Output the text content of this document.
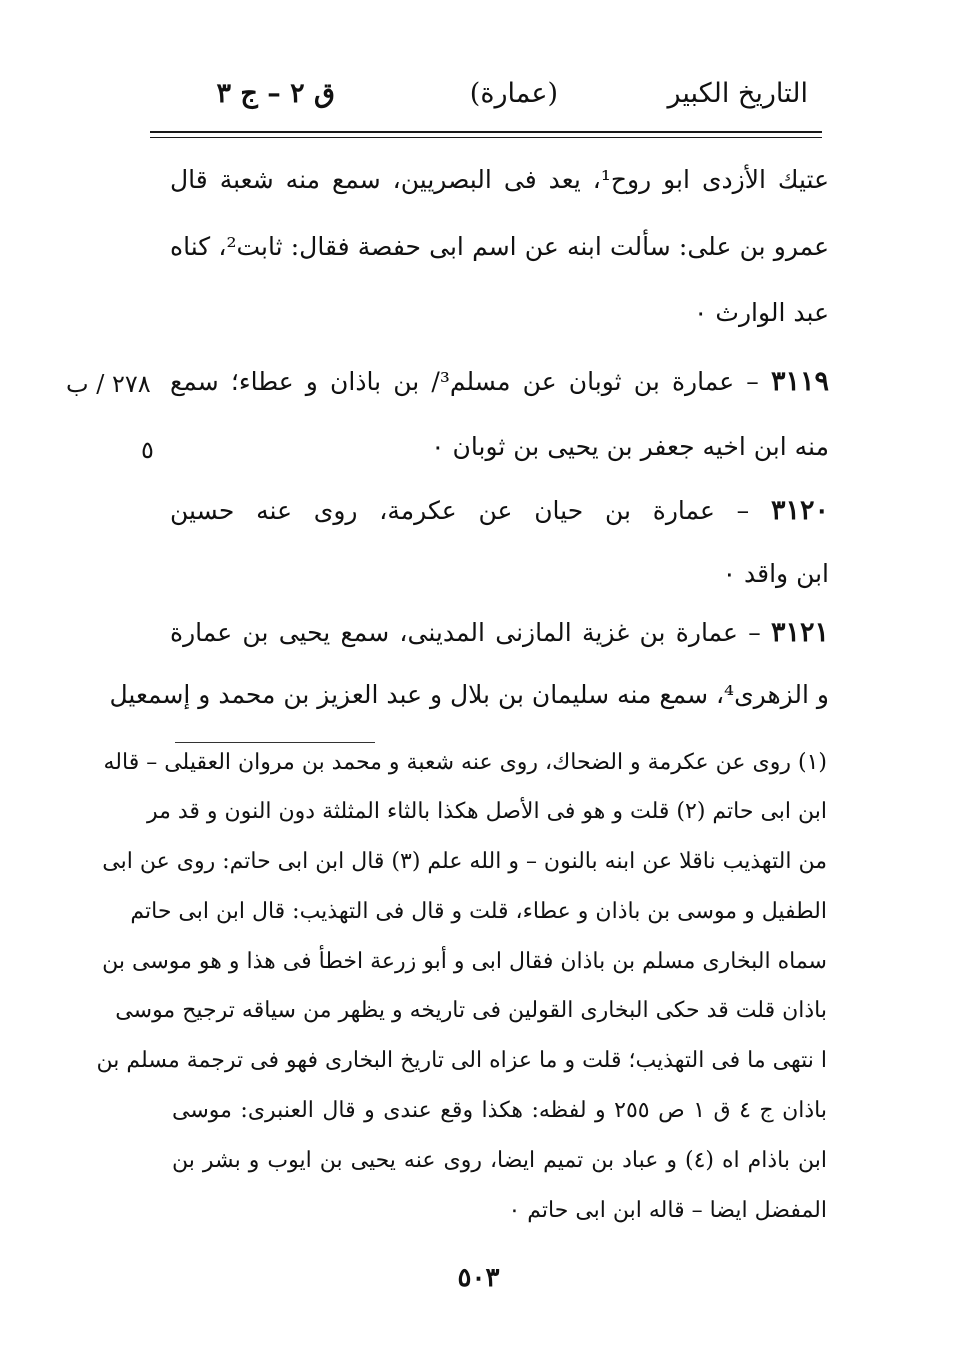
التاريخ الكبير
(عمارة)
ق ٢ – ج ٣
عتيك الأزدى ابو روح¹، يعد فى البصريين، سمع منه شعبة قال
عمرو بن على: سألت ابنه عن اسم ابى حفصة فقال: ثابت²، كناه
عبد الوارث ٠
٣١١٩ – عمارة بن ثوبان عن مسلم³/ بن باذان و عطاء؛ سمع
منه ابن اخيه جعفر بن يحيى بن ثوبان ٠
٣١٢٠ – عمارة بن حيان عن عكرمة، روى عنه حسين
ابن واقد ٠
٣١٢١ – عمارة بن غزية المازنى المدينى، سمع يحيى بن عمارة
و الزهرى⁴، سمع منه سليمان بن بلال و عبد العزيز بن محمد و إسمعيل
٢٧٨ / ب
٥
(١) روى عن عكرمة و الضحاك، روى عنه شعبة و محمد بن مروان العقيلى – قاله
ابن ابى حاتم (٢) قلت و هو فى الأصل هكذا بالثاء المثلثة دون النون و قد مر
من التهذيب ناقلا عن ابنه بالنون – و الله علم (٣) قال ابن ابى حاتم: روى عن ابى
الطفيل و موسى بن باذان و عطاء، قلت و قال فى التهذيب: قال ابن ابى حاتم
سماه البخارى مسلم بن باذان فقال ابى و أبو زرعة اخطأ فى هذا و هو موسى بن
باذان قلت قد حكى البخارى القولين فى تاريخه و يظهر من سياقه ترجيح موسى
ا نتهى ما فى التهذيب؛ قلت و ما عزاه الى تاريخ البخارى فهو فى ترجمة مسلم بن
باذان ج ٤ ق ١ ص ٢٥٥ و لفظه: هكذا وقع عندى و قال العنبرى: موسى
ابن باذام اه (٤) و عباد بن تميم ايضا، روى عنه يحيى بن ايوب و بشر بن
المفضل ايضا – قاله ابن ابى حاتم ٠
٥٠٣
